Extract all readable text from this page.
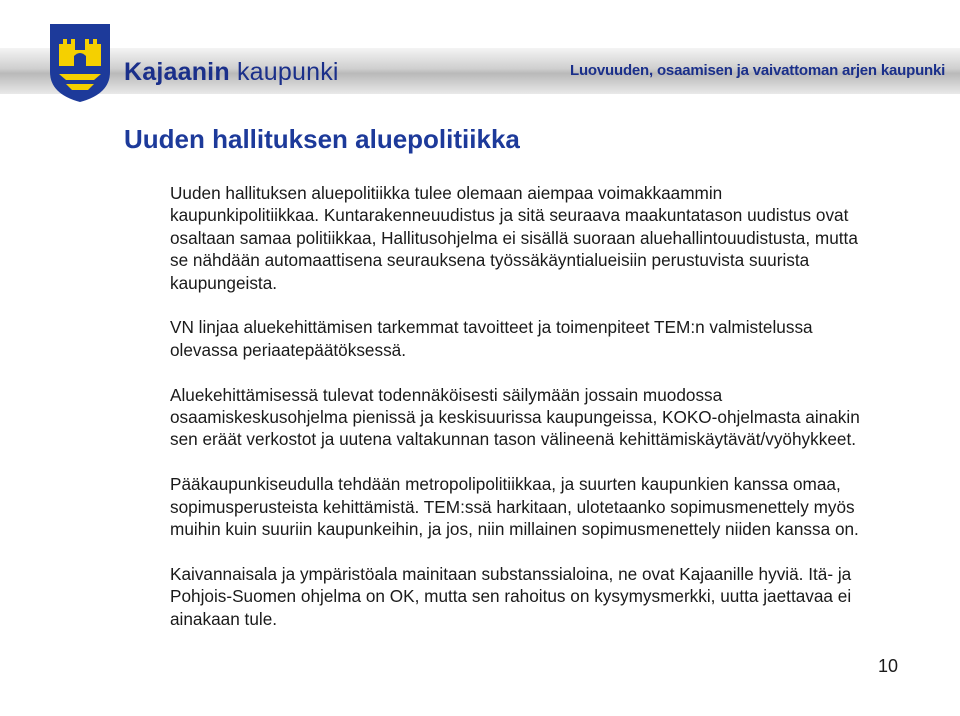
Kajaanin kaupunki	Luovuuden, osaamisen ja vaivattoman arjen kaupunki
Uuden hallituksen aluepolitiikka

Uuden hallituksen aluepolitiikka tulee olemaan aiempaa voimakkaammin kaupunkipolitiikkaa. Kuntarakenneuudistus ja sitä seuraava maakuntatason uudistus ovat osaltaan samaa politiikkaa, Hallitusohjelma ei sisällä suoraan aluehallintouudistusta, mutta se nähdään automaattisena seurauksena työssäkäyntialueisiin perustuvista suurista kaupungeista.

VN linjaa aluekehittämisen tarkemmat tavoitteet ja toimenpiteet TEM:n valmistelussa olevassa periaatepäätöksessä.

Aluekehittämisessä tulevat todennäköisesti säilymään jossain muodossa osaamiskeskusohjelma pienissä ja keskisuurissa kaupungeissa, KOKO-ohjelmasta ainakin sen eräät verkostot ja uutena valtakunnan tason välineenä kehittämiskäytävät/vyöhykkeet.

Pääkaupunkiseudulla tehdään metropolipolitiikkaa, ja suurten kaupunkien kanssa omaa, sopimusperusteista kehittämistä. TEM:ssä harkitaan, ulotetaanko sopimusmenettely myös muihin kuin suuriin kaupunkeihin, ja jos, niin millainen sopimusmenettely niiden kanssa on.

Kaivannaisala ja ympäristöala mainitaan substanssialoina, ne ovat Kajaanille hyviä. Itä- ja Pohjois-Suomen ohjelma on OK, mutta sen rahoitus on kysymysmerkki, uutta jaettavaa ei ainakaan tule.

10
